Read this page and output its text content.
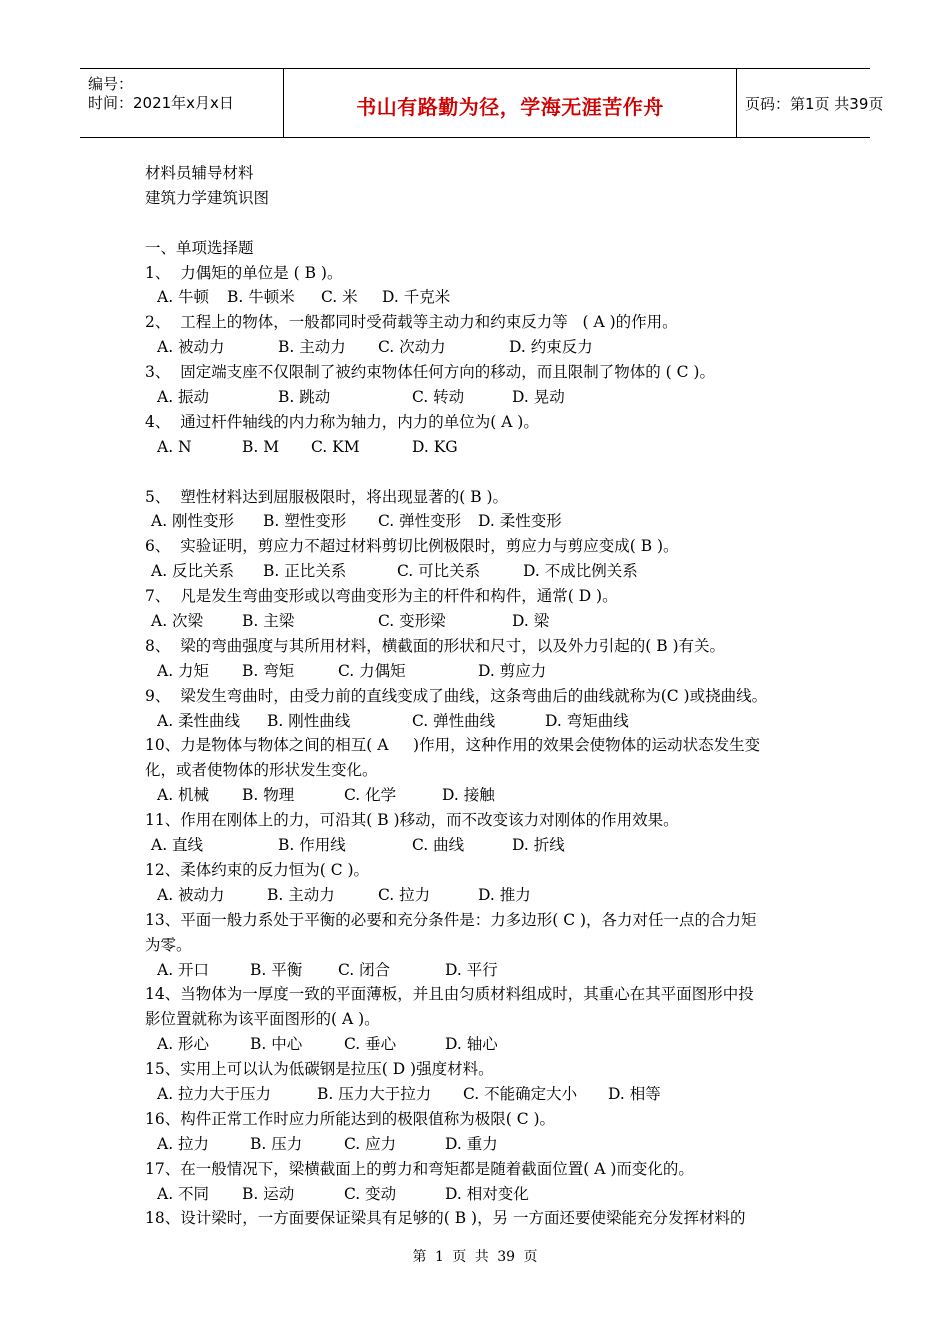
编号：
时间：2021年x月x日	书山有路勤为径，学海无涯苦作舟	页码：第1页 共39页
材料员辅导材料
建筑力学建筑识图
一、单项选择题
1、  力偶矩的单位是 ( B )。
A. 牛顿 B. 牛顿米 C. 米 D. 千克米
2、  工程上的物体，一般都同时受荷载等主动力和约束反力等   ( A )的作用。
A. 被动力	B. 主动力 C. 次动力	D. 约束反力
3、  固定端支座不仅限制了被约束物体任何方向的移动，而且限制了物体的 ( C )。
A. 振动	B. 跳动	C. 转动	D. 晃动
4、  通过杆件轴线的内力称为轴力，内力的单位为( A )。
A. N	B. M C. KM	D. KG
5、  塑性材料达到屈服极限时，将出现显著的( B )。
A. 刚性变形 B. 塑性变形 C. 弹性变形 D. 柔性变形
6、  实验证明，剪应力不超过材料剪切比例极限时，剪应力与剪应变成( B )。
A. 反比关系 B. 正比关系	C. 可比关系	D. 不成比例关系
7、  凡是发生弯曲变形或以弯曲变形为主的杆件和构件，通常( D )。
A. 次梁	B. 主梁	C. 变形梁	D. 梁
8、  梁的弯曲强度与其所用材料，横截面的形状和尺寸，以及外力引起的( B )有关。
A. 力矩 B. 弯矩	C. 力偶矩	D. 剪应力
9、  梁发生弯曲时，由受力前的直线变成了曲线，这条弯曲后的曲线就称为(C )或挠曲线。
A. 柔性曲线 B. 刚性曲线	C. 弹性曲线	D. 弯矩曲线
10、力是物体与物体之间的相互( A     )作用，这种作用的效果会使物体的运动状态发生变
化，或者使物体的形状发生变化。
A. 机械 B. 物理	C. 化学	D. 接触
11、作用在刚体上的力，可沿其( B )移动，而不改变该力对刚体的作用效果。
A. 直线	B. 作用线	C. 曲线	D. 折线
12、柔体约束的反力恒为( C )。
A. 被动力	B. 主动力	C. 拉力	D. 推力
13、平面一般力系处于平衡的必要和充分条件是：力多边形( C )，各力对任一点的合力矩
为零。
A. 开口	B. 平衡 C. 闭合	D. 平行
14、当物体为一厚度一致的平面薄板，并且由匀质材料组成时，其重心在其平面图形中投
影位置就称为该平面图形的( A )。
A. 形心	B. 中心	C. 垂心	D. 轴心
15、实用上可以认为低碳钢是拉压( D )强度材料。
A. 拉力大于压力	B. 压力大于拉力 C. 不能确定大小 D. 相等
16、构件正常工作时应力所能达到的极限值称为极限( C )。
A. 拉力	B. 压力	C. 应力	D. 重力
17、在一般情况下，梁横截面上的剪力和弯矩都是随着截面位置( A )而变化的。
A. 不同 B. 运动	C. 变动	D. 相对变化
18、设计梁时，一方面要保证梁具有足够的( B )，另 一方面还要使梁能充分发挥材料的
第 1 页 共 39 页
